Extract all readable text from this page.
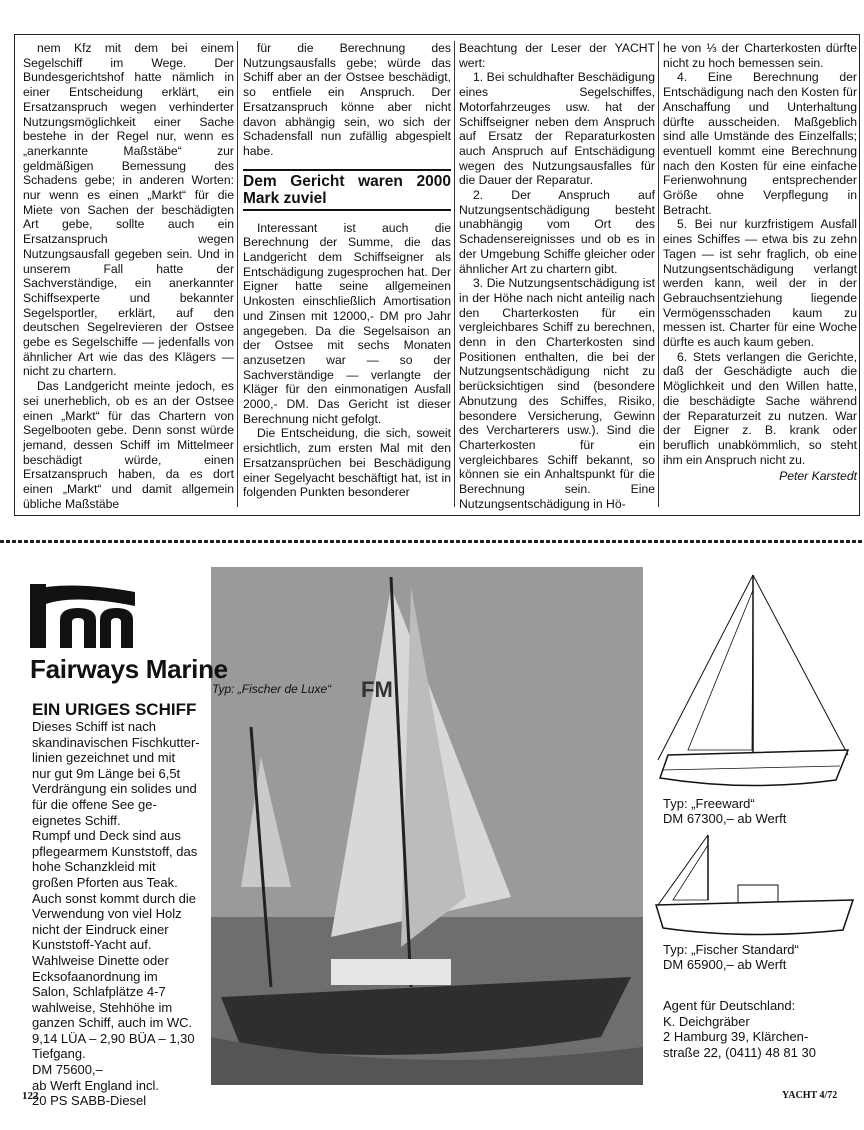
nem Kfz mit dem bei einem Segelschiff im Wege. Der Bundesgerichtshof hatte nämlich in einer Entscheidung erklärt, ein Ersatzanspruch wegen verhinderter Nutzungsmöglichkeit einer Sache bestehe in der Regel nur, wenn es „anerkannte Maßstäbe“ zur geldmäßigen Bemessung des Schadens gebe; in anderen Worten: nur wenn es einen „Markt“ für die Miete von Sachen der beschädigten Art gebe, sollte auch ein Ersatzanspruch wegen Nutzungsausfall gegeben sein. Und in unserem Fall hatte der Sachverständige, ein anerkannter Schiffsexperte und bekannter Segelsportler, erklärt, auf den deutschen Segelrevieren der Ostsee gebe es Segelschiffe — jedenfalls von ähnlicher Art wie das des Klägers — nicht zu chartern.

Das Landgericht meinte jedoch, es sei unerheblich, ob es an der Ostsee einen „Markt“ für das Chartern von Segelbooten gebe. Denn sonst würde jemand, dessen Schiff im Mittelmeer beschädigt würde, einen Ersatzanspruch haben, da es dort einen „Markt“ und damit allgemein übliche Maßstäbe

für die Berechnung des Nutzungsausfalls gebe; würde das Schiff aber an der Ostsee beschädigt, so entfiele ein Anspruch. Der Ersatzanspruch könne aber nicht davon abhängig sein, wo sich der Schadensfall nun zufällig abgespielt habe.

Dem Gericht waren 2000 Mark zuviel

Interessant ist auch die Berechnung der Summe, die das Landgericht dem Schiffseigner als Entschädigung zugesprochen hat. Der Eigner hatte seine allgemeinen Unkosten einschließlich Amortisation und Zinsen mit 12000,- DM pro Jahr angegeben. Da die Segelsaison an der Ostsee mit sechs Monaten anzusetzen war — so der Sachverständige — verlangte der Kläger für den einmonatigen Ausfall 2000,- DM. Das Gericht ist dieser Berechnung nicht gefolgt.

Die Entscheidung, die sich, soweit ersichtlich, zum ersten Mal mit den Ersatzansprüchen bei Beschädigung einer Segelyacht beschäftigt hat, ist in folgenden Punkten besonderer

Beachtung der Leser der YACHT wert:

1. Bei schuldhafter Beschädigung eines Segelschiffes, Motorfahrzeuges usw. hat der Schiffseigner neben dem Anspruch auf Ersatz der Reparaturkosten auch Anspruch auf Entschädigung wegen des Nutzungsausfalles für die Dauer der Reparatur.

2. Der Anspruch auf Nutzungsentschädigung besteht unabhängig vom Ort des Schadensereignisses und ob es in der Umgebung Schiffe gleicher oder ähnlicher Art zu chartern gibt.

3. Die Nutzungsentschädigung ist in der Höhe nach nicht anteilig nach den Charterkosten für ein vergleichbares Schiff zu berechnen, denn in den Charterkosten sind Positionen enthalten, die bei der Nutzungsentschädigung nicht zu berücksichtigen sind (besondere Abnutzung des Schiffes, Risiko, besondere Versicherung, Gewinn des Vercharterers usw.). Sind die Charterkosten für ein vergleichbares Schiff bekannt, so können sie ein Anhaltspunkt für die Berechnung sein. Eine Nutzungsentschädigung in Hö-

he von ⅓ der Charterkosten dürfte nicht zu hoch bemessen sein.

4. Eine Berechnung der Entschädigung nach den Kosten für Anschaffung und Unterhaltung dürfte ausscheiden. Maßgeblich sind alle Umstände des Einzelfalls; eventuell kommt eine Berechnung nach den Kosten für eine einfache Ferienwohnung entsprechender Größe ohne Verpflegung in Betracht.

5. Bei nur kurzfristigem Ausfall eines Schiffes — etwa bis zu zehn Tagen — ist sehr fraglich, ob eine Nutzungsentschädigung verlangt werden kann, weil der in der Gebrauchsentziehung liegende Vermögensschaden kaum zu messen ist. Charter für eine Woche dürfte es auch kaum geben.

6. Stets verlangen die Gerichte, daß der Geschädigte auch die Möglichkeit und den Willen hatte, die beschädigte Sache während der Reparaturzeit zu nutzen. War der Eigner z. B. krank oder beruflich unabkömmlich, so steht ihm ein Anspruch nicht zu.

Peter Karstedt
FM
Fairways Marine
Typ: „Fischer de Luxe“
EIN URIGES SCHIFF
Dieses Schiff ist nach
skandinavischen Fischkutter-
linien gezeichnet und mit
nur gut 9m Länge bei 6,5t
Verdrängung ein solides und
für die offene See ge-
eignetes Schiff.
Rumpf und Deck sind aus
pflegearmem Kunststoff, das
hohe Schanzkleid mit
großen Pforten aus Teak.
Auch sonst kommt durch die
Verwendung von viel Holz
nicht der Eindruck einer
Kunststoff-Yacht auf.
Wahlweise Dinette oder
Ecksofaanordnung im
Salon, Schlafplätze 4-7
wahlweise, Stehhöhe im
ganzen Schiff, auch im WC.
9,14 LÜA – 2,90 BÜA – 1,30
Tiefgang.
DM 75600,–
ab Werft England incl.
20 PS SABB-Diesel
Typ: „Freeward“
DM 67300,– ab Werft
Typ: „Fischer Standard“
DM 65900,– ab Werft
Agent für Deutschland:
K. Deichgräber
2 Hamburg 39, Klärchen-
straße 22, (0411) 48 81 30
122	YACHT 4/72
